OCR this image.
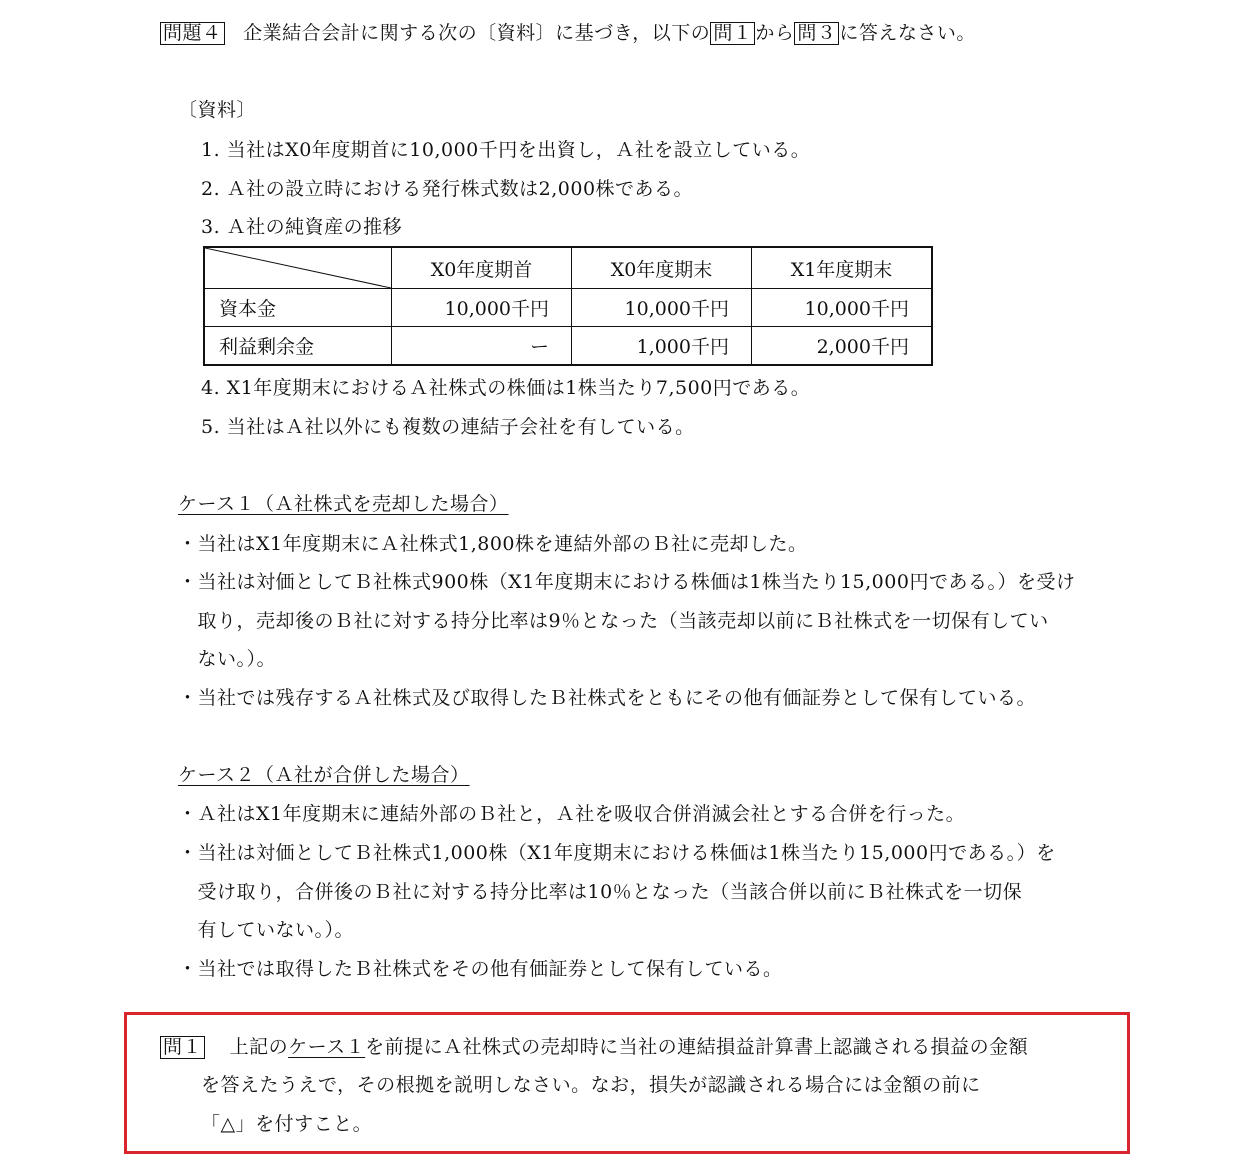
問題４ 企業結合会計に関する次の〔資料〕に基づき，以下の 問１ から 問３ に答えなさい。
〔資料〕
1. 当社はX0年度期首に10,000千円を出資し，Ａ社を設立している。
2. Ａ社の設立時における発行株式数は2,000株である。
3. Ａ社の純資産の推移
	X0年度期首	X0年度期末	X1年度期末
資本金	10,000千円	10,000千円	10,000千円
利益剰余金	ー	1,000千円	2,000千円
4. X1年度期末におけるＡ社株式の株価は1株当たり7,500円である。
5. 当社はＡ社以外にも複数の連結子会社を有している。
ケース１（Ａ社株式を売却した場合）
・当社はX1年度期末にＡ社株式1,800株を連結外部のＢ社に売却した。
・当社は対価としてＢ社株式900株（X1年度期末における株価は1株当たり15,000円である。）を受け
　取り，売却後のＢ社に対する持分比率は9％となった（当該売却以前にＢ社株式を一切保有してい
　ない。）。
・当社では残存するＡ社株式及び取得したＢ社株式をともにその他有価証券として保有している。
ケース２（Ａ社が合併した場合）
・Ａ社はX1年度期末に連結外部のＢ社と，Ａ社を吸収合併消滅会社とする合併を行った。
・当社は対価としてＢ社株式1,000株（X1年度期末における株価は1株当たり15,000円である。）を
　受け取り，合併後のＢ社に対する持分比率は10％となった（当該合併以前にＢ社株式を一切保
　有していない。）。
・当社では取得したＢ社株式をその他有価証券として保有している。
問１ 上記のケース１を前提にＡ社株式の売却時に当社の連結損益計算書上認識される損益の金額
を答えたうえで，その根拠を説明しなさい。なお，損失が認識される場合には金額の前に
「△」を付すこと。
